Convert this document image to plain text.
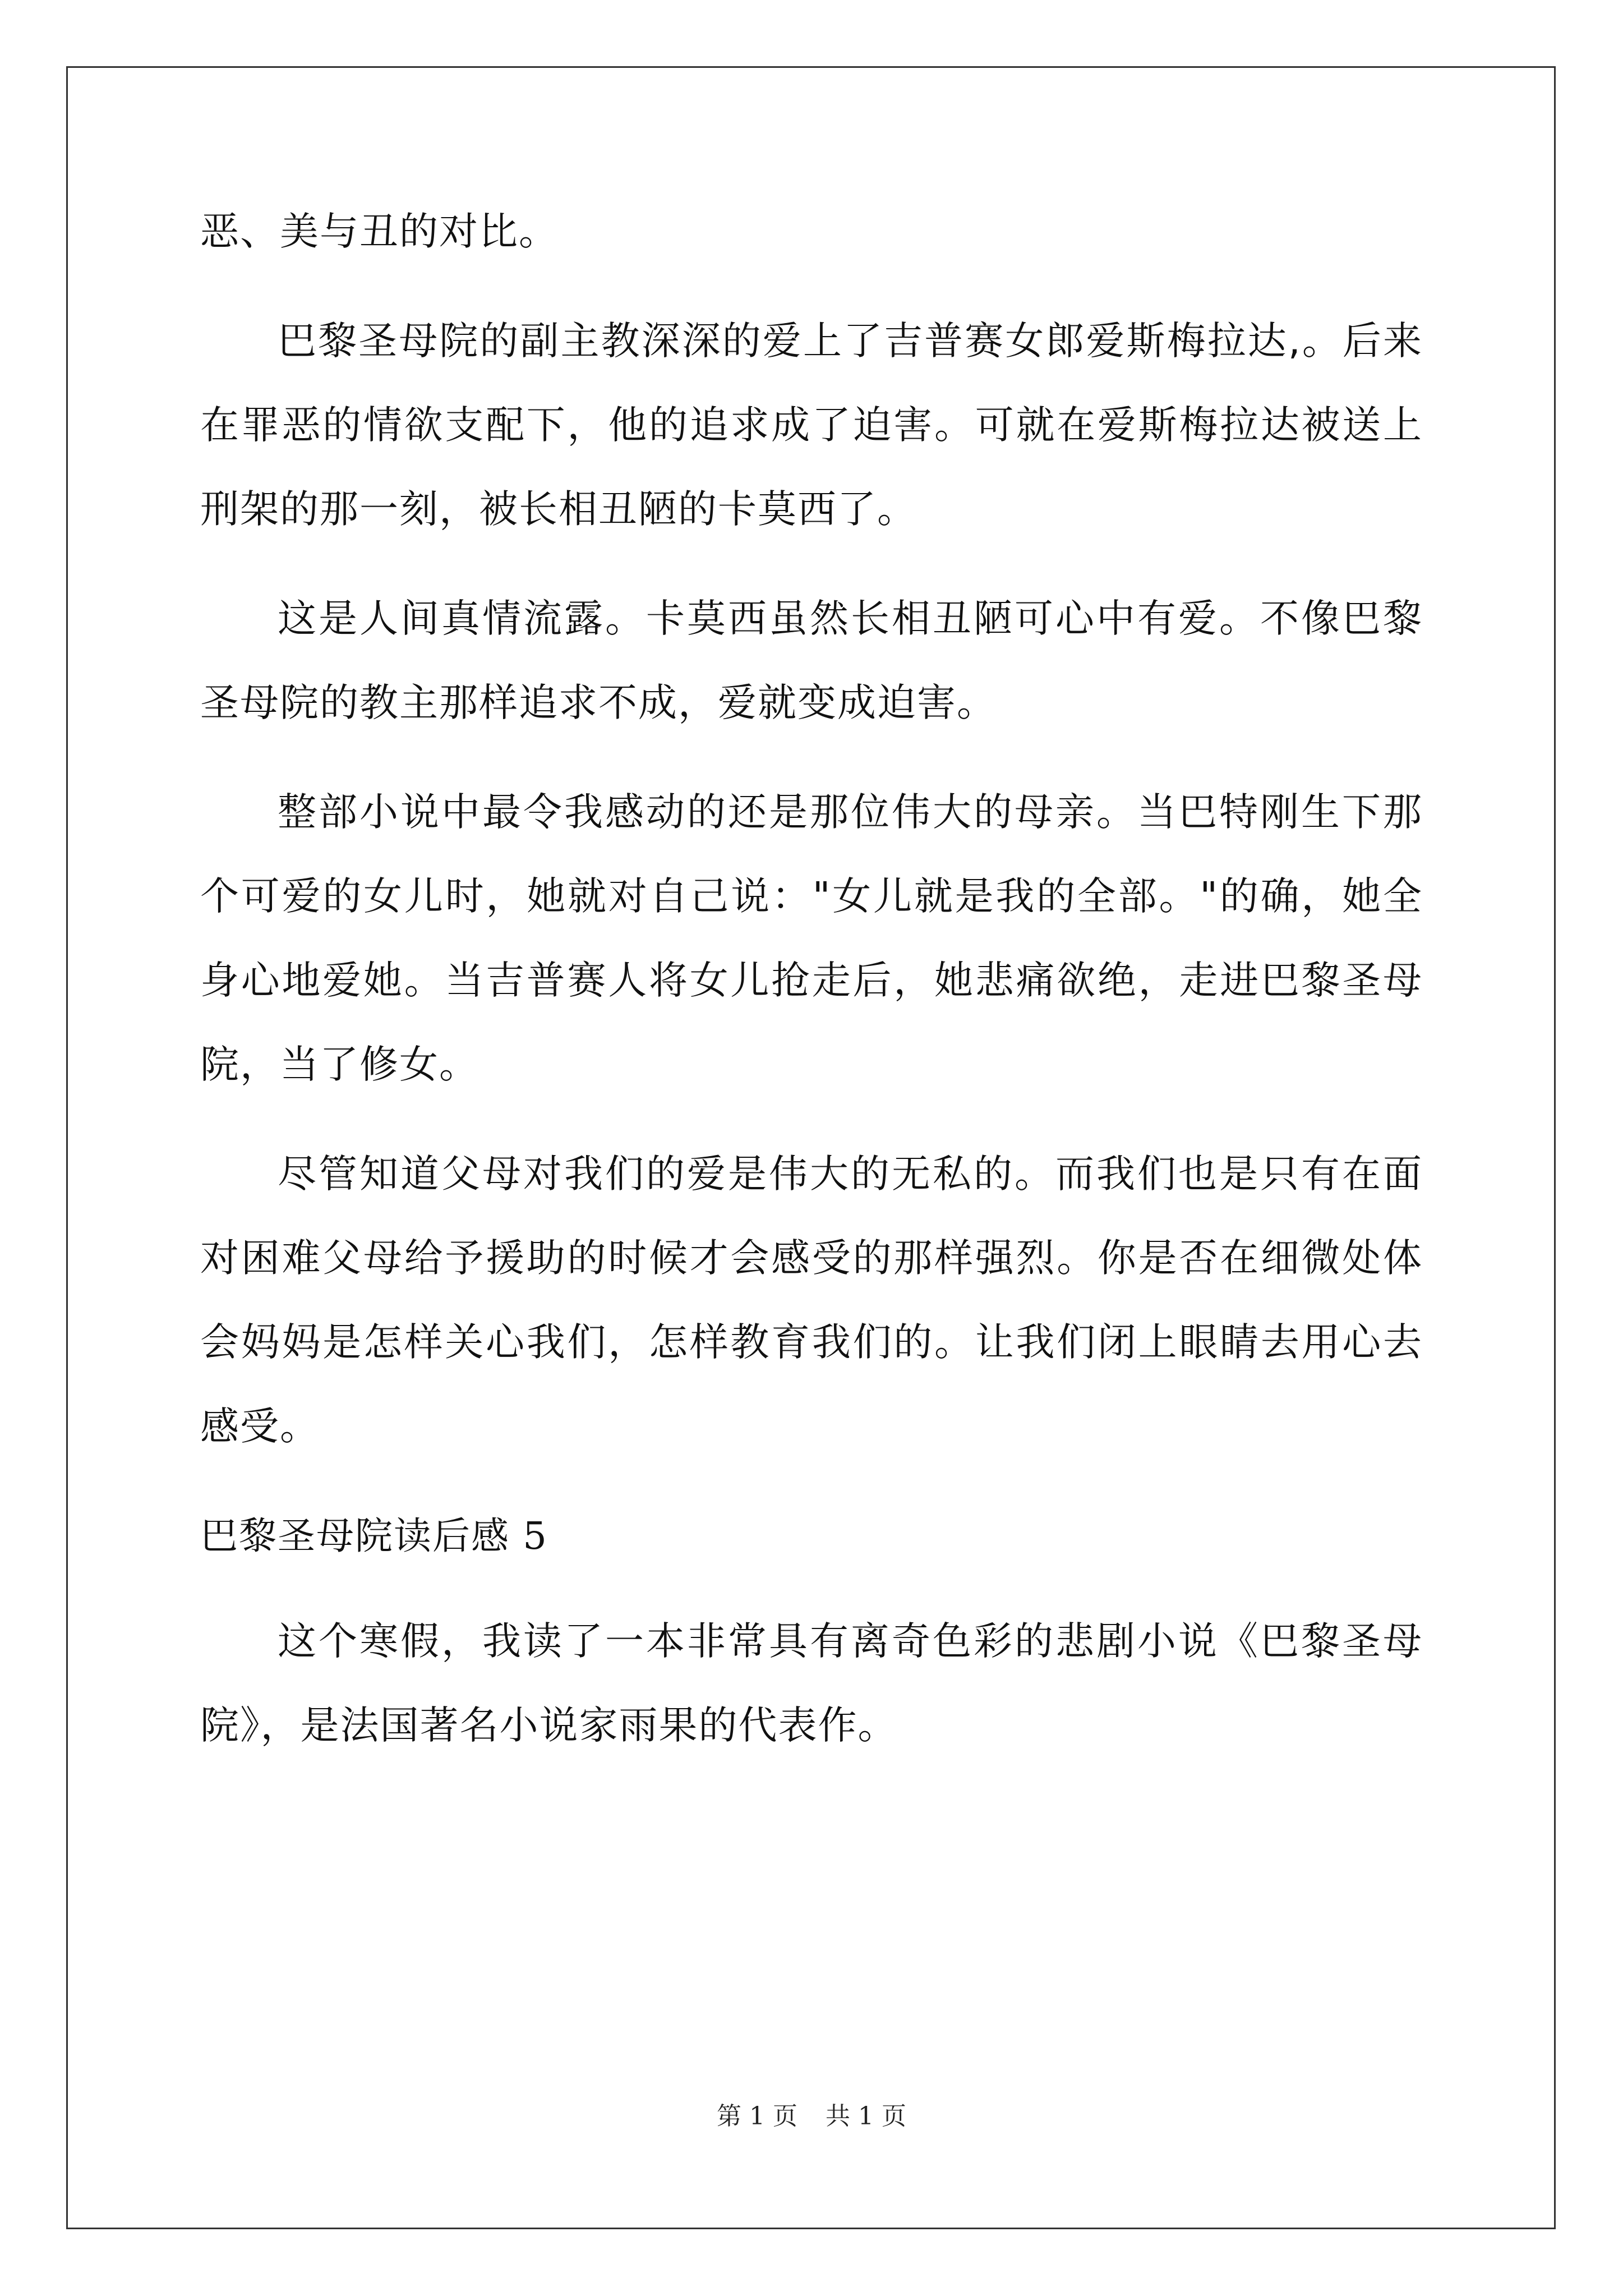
恶、美与丑的对比。

巴黎圣母院的副主教深深的爱上了吉普赛女郎爱斯梅拉达,。后来在罪恶的情欲支配下，他的追求成了迫害。可就在爱斯梅拉达被送上刑架的那一刻，被长相丑陋的卡莫西了。

这是人间真情流露。卡莫西虽然长相丑陋可心中有爱。不像巴黎圣母院的教主那样追求不成，爱就变成迫害。

整部小说中最令我感动的还是那位伟大的母亲。当巴特刚生下那个可爱的女儿时，她就对自己说："女儿就是我的全部。"的确，她全身心地爱她。当吉普赛人将女儿抢走后，她悲痛欲绝，走进巴黎圣母院，当了修女。

尽管知道父母对我们的爱是伟大的无私的。而我们也是只有在面对困难父母给予援助的时候才会感受的那样强烈。你是否在细微处体会妈妈是怎样关心我们，怎样教育我们的。让我们闭上眼睛去用心去感受。

巴黎圣母院读后感 5

这个寒假，我读了一本非常具有离奇色彩的悲剧小说《巴黎圣母院》，是法国著名小说家雨果的代表作。

第 1 页 共 1 页
